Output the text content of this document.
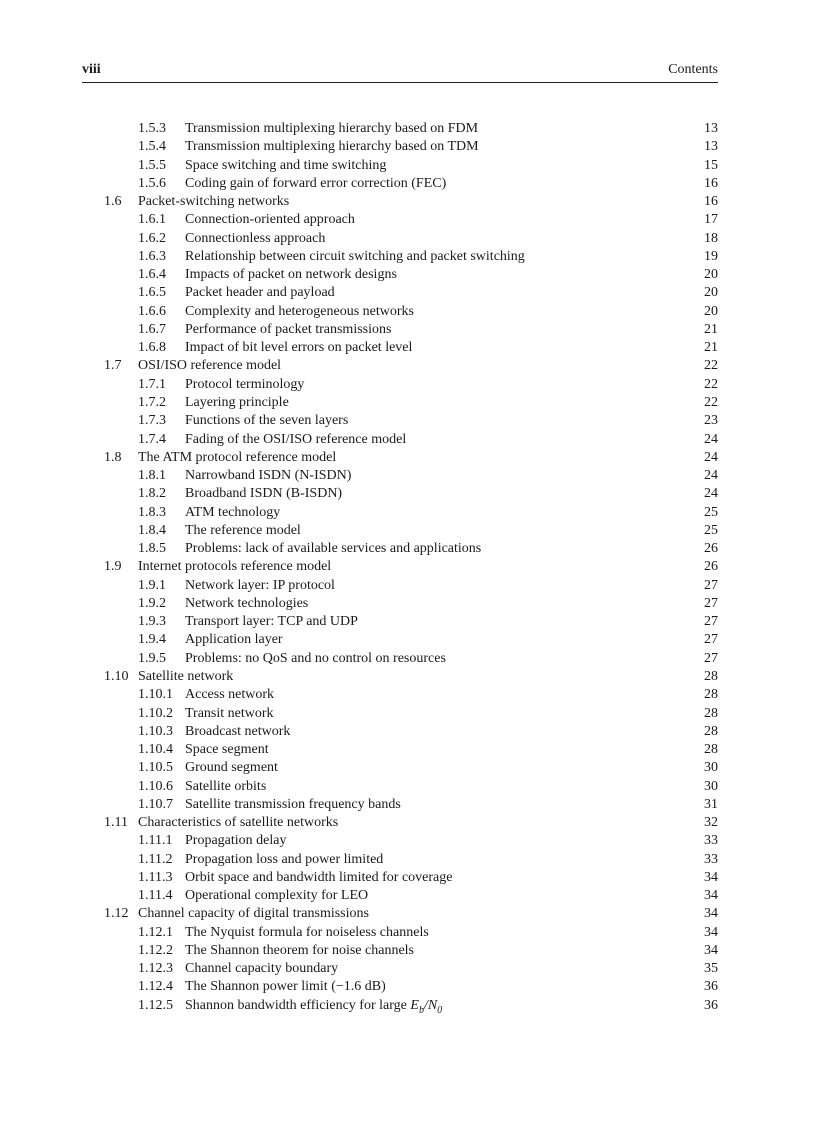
viii	Contents
1.5.3 Transmission multiplexing hierarchy based on FDM	13
1.5.4 Transmission multiplexing hierarchy based on TDM	13
1.5.5 Space switching and time switching	15
1.5.6 Coding gain of forward error correction (FEC)	16
1.6 Packet-switching networks	16
1.6.1 Connection-oriented approach	17
1.6.2 Connectionless approach	18
1.6.3 Relationship between circuit switching and packet switching	19
1.6.4 Impacts of packet on network designs	20
1.6.5 Packet header and payload	20
1.6.6 Complexity and heterogeneous networks	20
1.6.7 Performance of packet transmissions	21
1.6.8 Impact of bit level errors on packet level	21
1.7 OSI/ISO reference model	22
1.7.1 Protocol terminology	22
1.7.2 Layering principle	22
1.7.3 Functions of the seven layers	23
1.7.4 Fading of the OSI/ISO reference model	24
1.8 The ATM protocol reference model	24
1.8.1 Narrowband ISDN (N-ISDN)	24
1.8.2 Broadband ISDN (B-ISDN)	24
1.8.3 ATM technology	25
1.8.4 The reference model	25
1.8.5 Problems: lack of available services and applications	26
1.9 Internet protocols reference model	26
1.9.1 Network layer: IP protocol	27
1.9.2 Network technologies	27
1.9.3 Transport layer: TCP and UDP	27
1.9.4 Application layer	27
1.9.5 Problems: no QoS and no control on resources	27
1.10 Satellite network	28
1.10.1 Access network	28
1.10.2 Transit network	28
1.10.3 Broadcast network	28
1.10.4 Space segment	28
1.10.5 Ground segment	30
1.10.6 Satellite orbits	30
1.10.7 Satellite transmission frequency bands	31
1.11 Characteristics of satellite networks	32
1.11.1 Propagation delay	33
1.11.2 Propagation loss and power limited	33
1.11.3 Orbit space and bandwidth limited for coverage	34
1.11.4 Operational complexity for LEO	34
1.12 Channel capacity of digital transmissions	34
1.12.1 The Nyquist formula for noiseless channels	34
1.12.2 The Shannon theorem for noise channels	34
1.12.3 Channel capacity boundary	35
1.12.4 The Shannon power limit (−1.6 dB)	36
1.12.5 Shannon bandwidth efficiency for large $E_b/N_0$	36
